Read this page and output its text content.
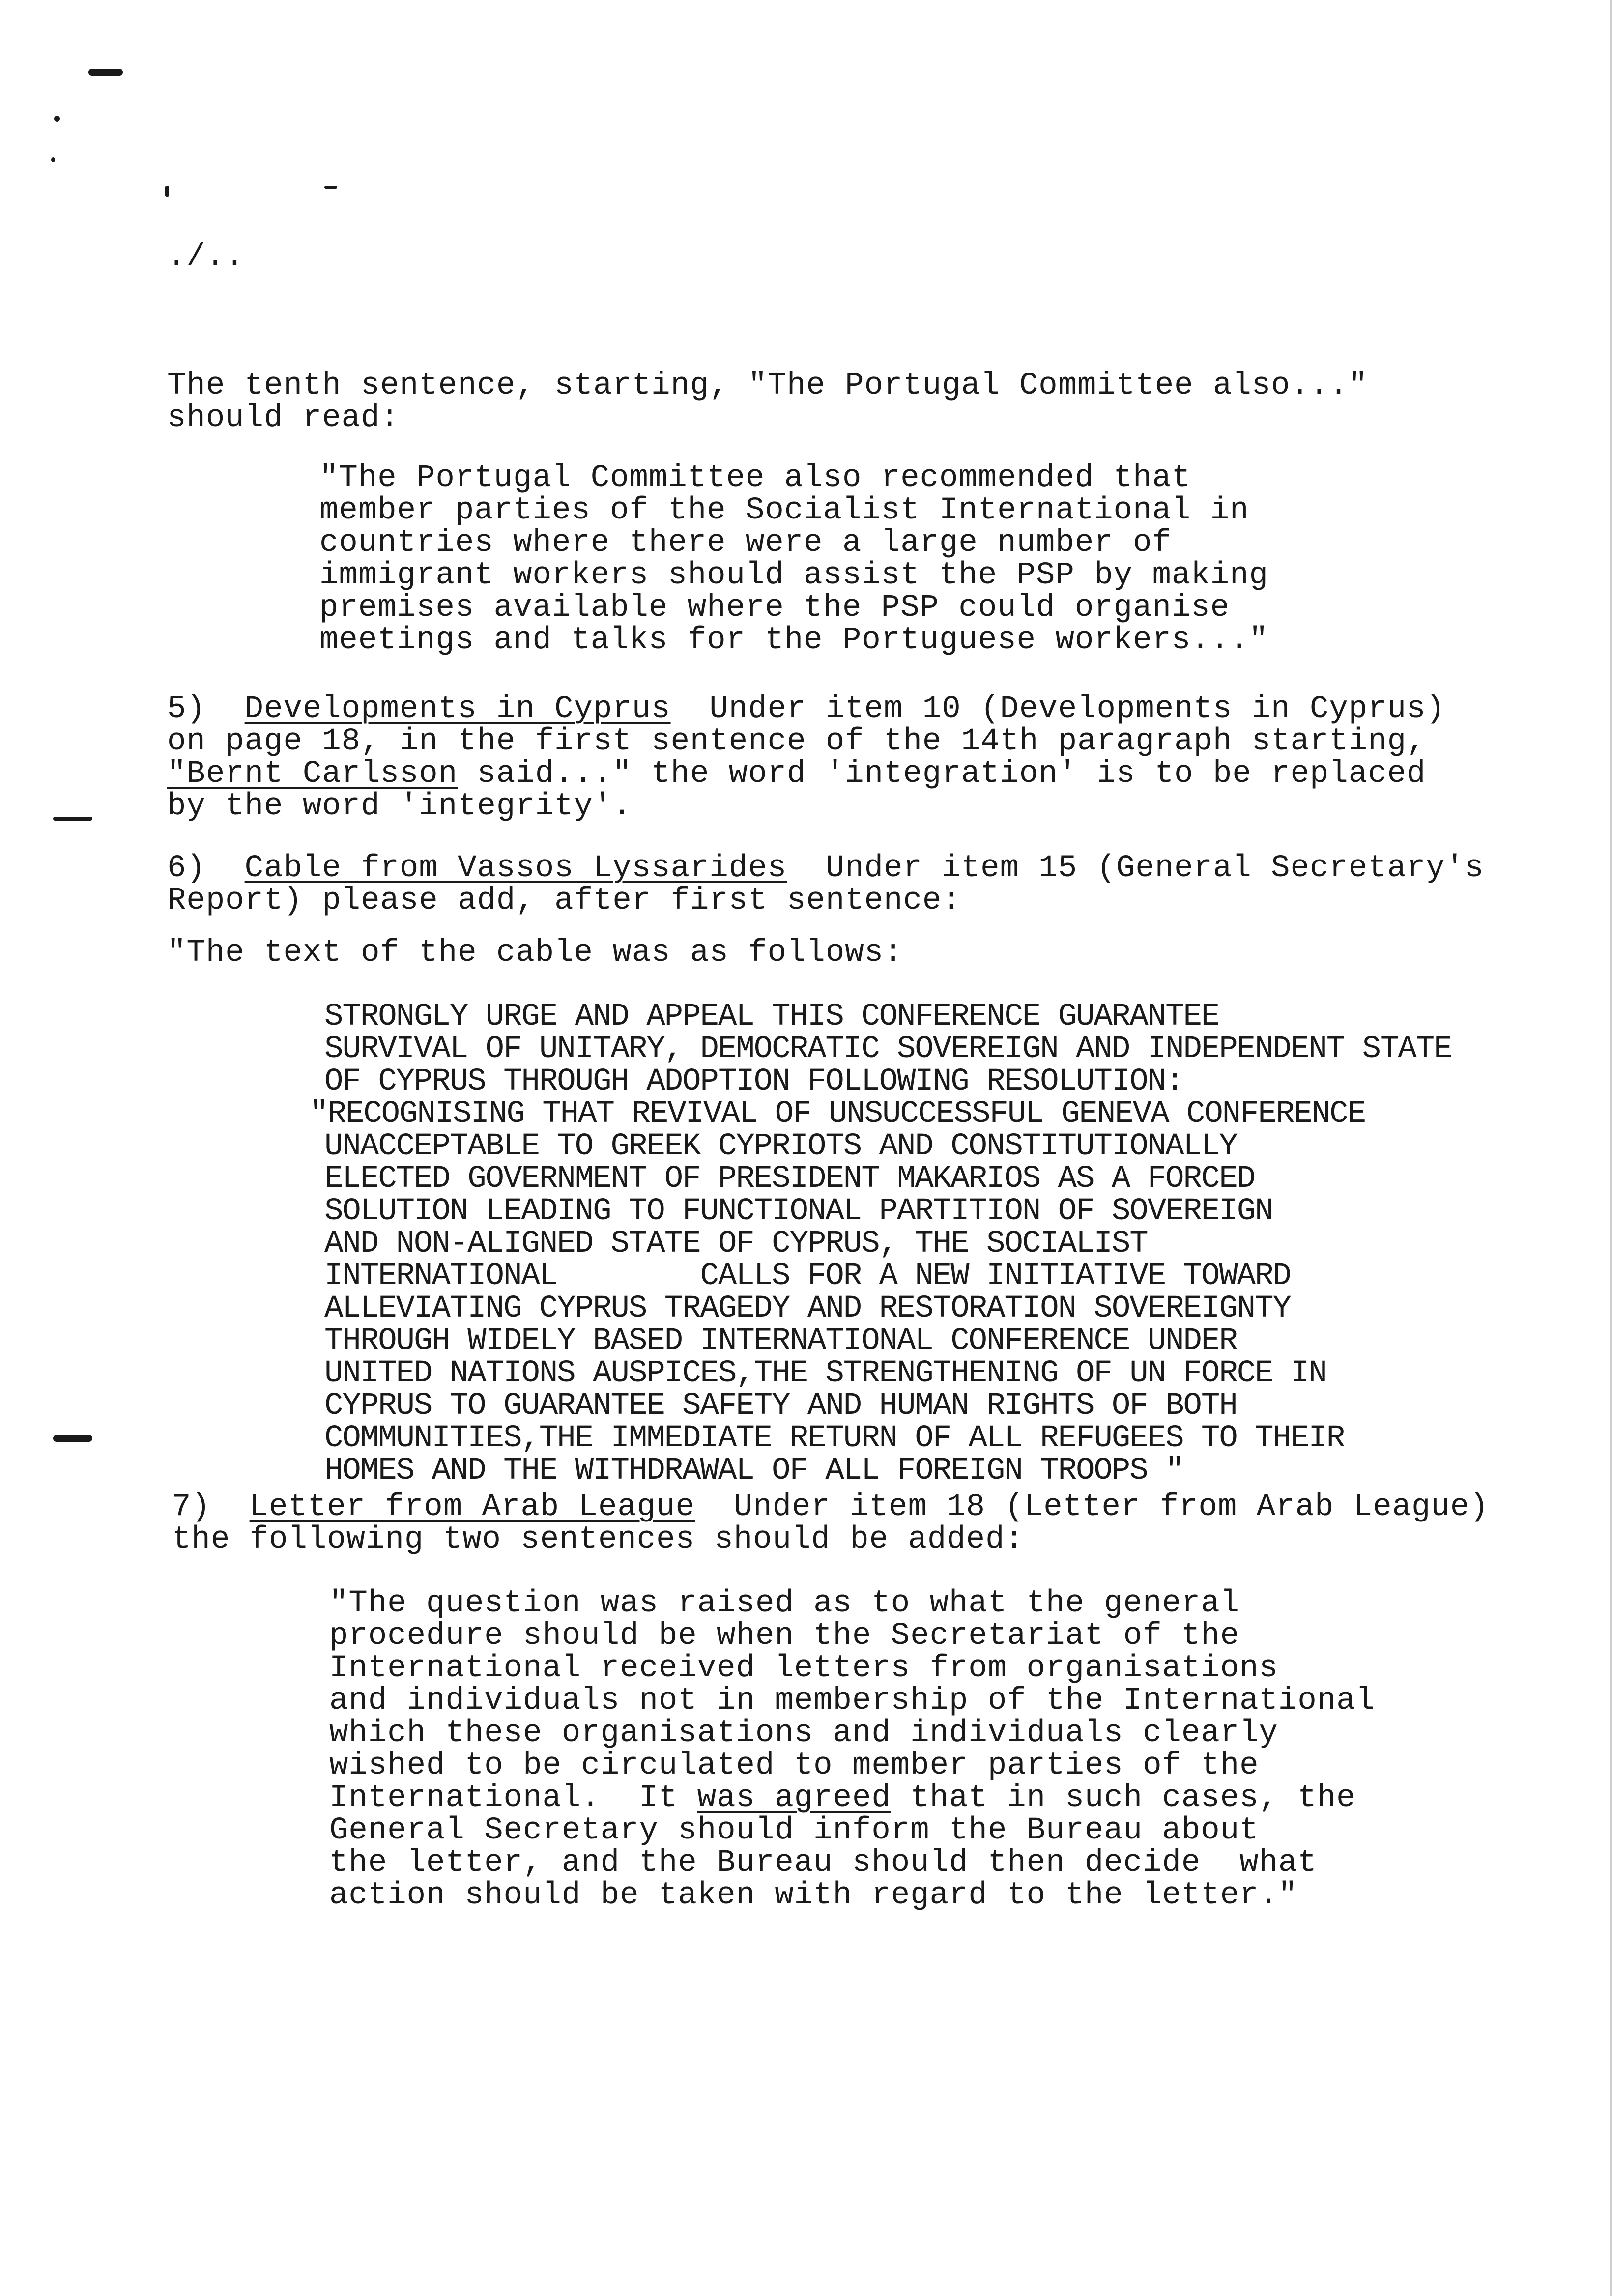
./..
The tenth sentence, starting, "The Portugal Committee also..."
should read:
"The Portugal Committee also recommended that
member parties of the Socialist International in
countries where there were a large number of
immigrant workers should assist the PSP by making
premises available where the PSP could organise
meetings and talks for the Portuguese workers..."
5) Developments in Cyprus Under item 10 (Developments in Cyprus)
on page 18, in the first sentence of the 14th paragraph starting,
"Bernt Carlsson said..." the word 'integration' is to be replaced
by the word 'integrity'.
6) Cable from Vassos Lyssarides Under item 15 (General Secretary's
Report) please add, after first sentence:
"The text of the cable was as follows:
STRONGLY URGE AND APPEAL THIS CONFERENCE GUARANTEE
SURVIVAL OF UNITARY, DEMOCRATIC SOVEREIGN AND INDEPENDENT STATE
OF CYPRUS THROUGH ADOPTION FOLLOWING RESOLUTION:
"RECOGNISING THAT REVIVAL OF UNSUCCESSFUL GENEVA CONFERENCE
UNACCEPTABLE TO GREEK CYPRIOTS AND CONSTITUTIONALLY
ELECTED GOVERNMENT OF PRESIDENT MAKARIOS AS A FORCED
SOLUTION LEADING TO FUNCTIONAL PARTITION OF SOVEREIGN
AND NON-ALIGNED STATE OF CYPRUS, THE SOCIALIST
INTERNATIONAL        CALLS FOR A NEW INITIATIVE TOWARD
ALLEVIATING CYPRUS TRAGEDY AND RESTORATION SOVEREIGNTY
THROUGH WIDELY BASED INTERNATIONAL CONFERENCE UNDER
UNITED NATIONS AUSPICES,THE STRENGTHENING OF UN FORCE IN
CYPRUS TO GUARANTEE SAFETY AND HUMAN RIGHTS OF BOTH
COMMUNITIES,THE IMMEDIATE RETURN OF ALL REFUGEES TO THEIR
HOMES AND THE WITHDRAWAL OF ALL FOREIGN TROOPS "
7) Letter from Arab League Under item 18 (Letter from Arab League)
the following two sentences should be added:
"The question was raised as to what the general
procedure should be when the Secretariat of the
International received letters from organisations
and individuals not in membership of the International
which these organisations and individuals clearly
wished to be circulated to member parties of the
International.  It was agreed that in such cases, the
General Secretary should inform the Bureau about
the letter, and the Bureau should then decide  what
action should be taken with regard to the letter."
